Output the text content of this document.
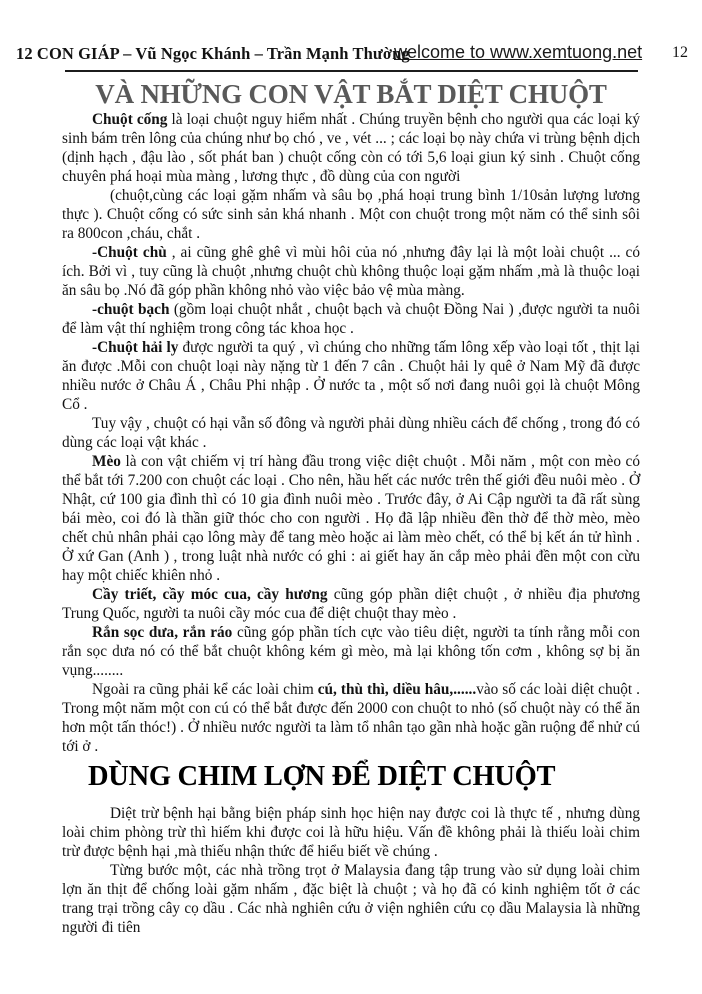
12 CON GIÁP – Vũ Ngọc Khánh – Trần Mạnh Thường
welcome to www.xemtuong.net 12
VÀ NHỮNG CON VẬT BẮT DIỆT CHUỘT

Chuột cống là loại chuột nguy hiểm nhất . Chúng truyền bệnh cho người qua các loại ký sinh bám trên lông của chúng như bọ chó , ve , vét ... ; các loại bọ này chứa vi trùng bệnh dịch (dịnh hạch , đậu lào , sốt phát ban ) chuột cống còn có tới 5,6 loại giun ký sinh . Chuột cống chuyên phá hoại mùa màng , lương thực , đồ dùng của con người

(chuột,cùng các loại gặm nhấm và sâu bọ ,phá hoại trung bình 1/10sản lượng lương thực ). Chuột cống có sức sinh sản khá nhanh . Một con chuột trong một năm có thể sinh sôi ra 800con ,cháu, chắt .

-Chuột chù , ai cũng ghê ghê vì mùi hôi của nó ,nhưng đây lại là một loài chuột ... có ích. Bởi vì , tuy cũng là chuột ,nhưng chuột chù không thuộc loại gặm nhấm ,mà là thuộc loại ăn sâu bọ .Nó đã góp phần không nhỏ vào việc bảo vệ mùa màng.

-chuột bạch (gồm loại chuột nhắt , chuột bạch và chuột Đồng Nai ) ,được người ta nuôi để làm vật thí nghiệm trong công tác khoa học .

-Chuột hải ly được người ta quý , vì chúng cho những tấm lông xếp vào loại tốt , thịt lại ăn được .Mỗi con chuột loại này nặng từ 1 đến 7 cân . Chuột hải ly quê ở Nam Mỹ đã được nhiều nước ở Châu Á , Châu Phi nhập . Ở nước ta , một số nơi đang nuôi gọi là chuột Mông Cổ .

Tuy vậy , chuột có hại vẫn số đông và người phải dùng nhiều cách để chống , trong đó có dùng các loại vật khác .

Mèo là con vật chiếm vị trí hàng đầu trong việc diệt chuột . Mỗi năm , một con mèo có thể bắt tới 7.200 con chuột các loại . Cho nên, hầu hết các nước trên thế giới đều nuôi mèo . Ở Nhật, cứ 100 gia đình thì có 10 gia đình nuôi mèo . Trước đây, ở Ai Cập người ta đã rất sùng bái mèo, coi đó là thần giữ thóc cho con người . Họ đã lập nhiều đền thờ để thờ mèo, mèo chết chủ nhân phải cạo lông mày để tang mèo hoặc ai làm mèo chết, có thể bị kết án tử hình . Ở xứ Gan (Anh ) , trong luật nhà nước có ghi : ai giết hay ăn cắp mèo phải đền một con cừu hay một chiếc khiên nhỏ .

Cầy triết, cầy móc cua, cầy hương cũng góp phần diệt chuột , ở nhiều địa phương Trung Quốc, người ta nuôi cầy móc cua để diệt chuột thay mèo .

Rắn sọc dưa, rắn ráo cũng góp phần tích cực vào tiêu diệt, người ta tính rằng mỗi con rắn sọc dưa nó có thể bắt chuột không kém gì mèo, mà lại không tốn cơm , không sợ bị ăn vụng........

Ngoài ra cũng phải kể các loài chim cú, thù thì, diều hâu,......vào số các loài diệt chuột . Trong một năm một con cú có thể bắt được đến 2000 con chuột to nhỏ (số chuột này có thể ăn hơn một tấn thóc!) . Ở nhiều nước người ta làm tổ nhân tạo gần nhà hoặc gần ruộng để nhử cú tới ở .

DÙNG CHIM LỢN ĐỂ DIỆT CHUỘT

Diệt trừ bệnh hại bằng biện pháp sinh học hiện nay được coi là thực tế , nhưng dùng loài chim phòng trừ thì hiếm khi được coi là hữu hiệu. Vấn đề không phải là thiếu loài chim trừ được bệnh hại ,mà thiếu nhận thức để hiểu biết về chúng .

Từng bước một, các nhà trồng trọt ở Malaysia đang tập trung vào sử dụng loài chim lợn ăn thịt để chống loài gặm nhấm , đặc biệt là chuột ; và họ đã có kinh nghiệm tốt ở các trang trại trồng cây cọ dầu . Các nhà nghiên cứu ở viện nghiên cứu cọ dầu Malaysia là những người đi tiên
